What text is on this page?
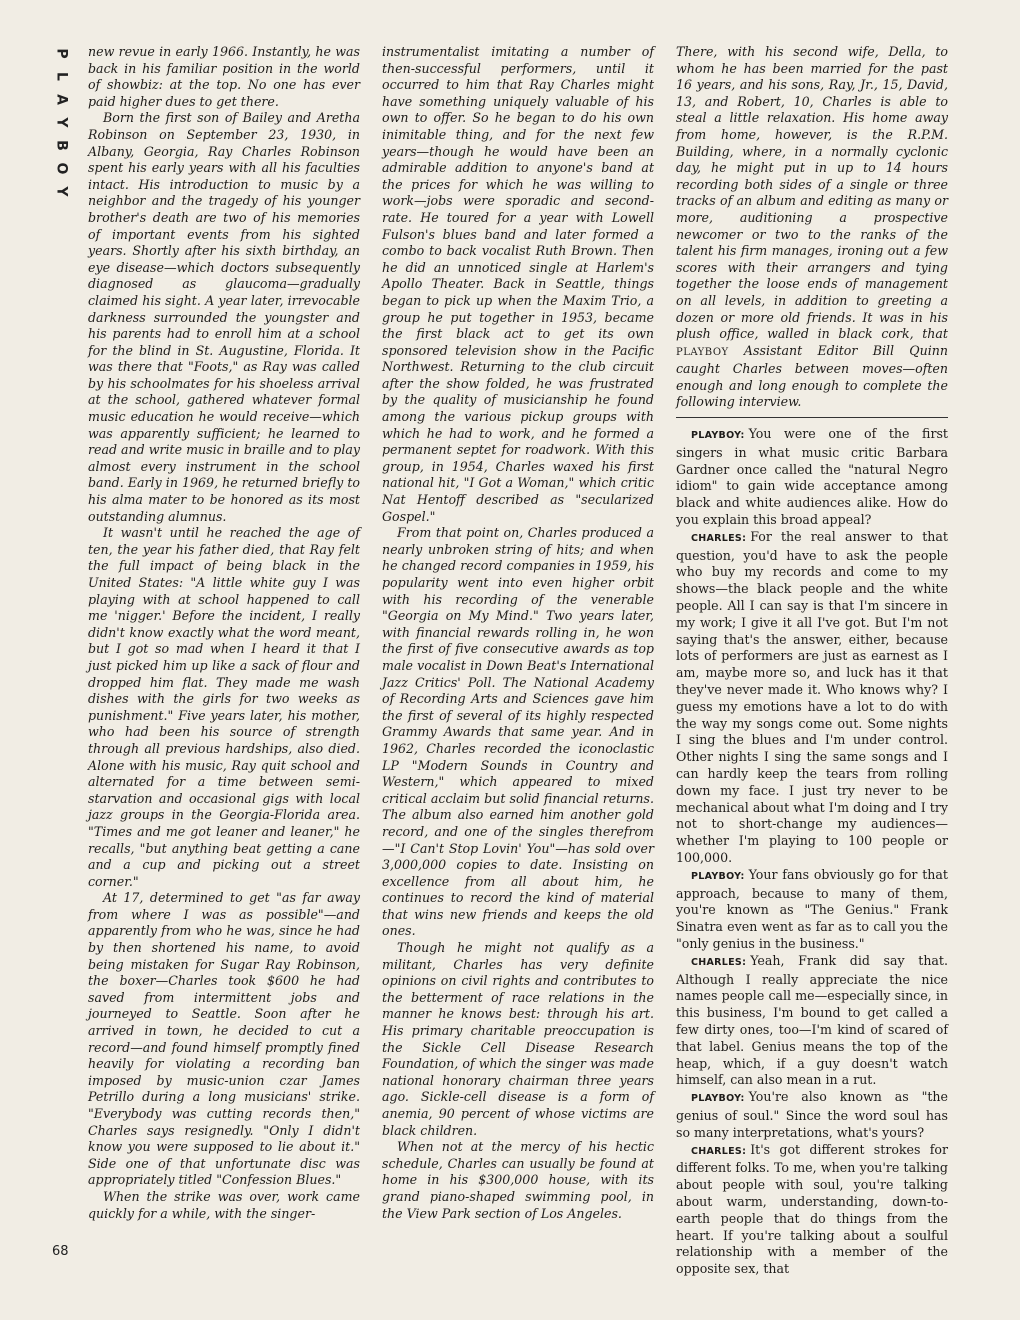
P
L
A
Y
B
O
Y

new revue in early 1966. Instantly, he was back in his familiar position in the world of showbiz: at the top. No one has ever paid higher dues to get there.

Born the first son of Bailey and Aretha Robinson on September 23, 1930, in Albany, Georgia, Ray Charles Robinson spent his early years with all his faculties intact. His introduction to music by a neighbor and the tragedy of his younger brother's death are two of his memories of important events from his sighted years. Shortly after his sixth birthday, an eye disease—which doctors subsequently diagnosed as glaucoma—gradually claimed his sight. A year later, irrevocable darkness surrounded the youngster and his parents had to enroll him at a school for the blind in St. Augustine, Florida. It was there that "Foots," as Ray was called by his schoolmates for his shoeless arrival at the school, gathered whatever formal music education he would receive—which was apparently sufficient; he learned to read and write music in braille and to play almost every instrument in the school band. Early in 1969, he returned briefly to his alma mater to be honored as its most outstanding alumnus.

It wasn't until he reached the age of ten, the year his father died, that Ray felt the full impact of being black in the United States: "A little white guy I was playing with at school happened to call me 'nigger.' Before the incident, I really didn't know exactly what the word meant, but I got so mad when I heard it that I just picked him up like a sack of flour and dropped him flat. They made me wash dishes with the girls for two weeks as punishment." Five years later, his mother, who had been his source of strength through all previous hardships, also died. Alone with his music, Ray quit school and alternated for a time between semi-starvation and occasional gigs with local jazz groups in the Georgia-Florida area. "Times and me got leaner and leaner," he recalls, "but anything beat getting a cane and a cup and picking out a street corner."

At 17, determined to get "as far away from where I was as possible"—and apparently from who he was, since he had by then shortened his name, to avoid being mistaken for Sugar Ray Robinson, the boxer—Charles took $600 he had saved from intermittent jobs and journeyed to Seattle. Soon after he arrived in town, he decided to cut a record—and found himself promptly fined heavily for violating a recording ban imposed by music-union czar James Petrillo during a long musicians' strike. "Everybody was cutting records then," Charles says resignedly. "Only I didn't know you were supposed to lie about it." Side one of that unfortunate disc was appropriately titled "Confession Blues."

When the strike was over, work came quickly for a while, with the singer-

instrumentalist imitating a number of then-successful performers, until it occurred to him that Ray Charles might have something uniquely valuable of his own to offer. So he began to do his own inimitable thing, and for the next few years—though he would have been an admirable addition to anyone's band at the prices for which he was willing to work—jobs were sporadic and second-rate. He toured for a year with Lowell Fulson's blues band and later formed a combo to back vocalist Ruth Brown. Then he did an unnoticed single at Harlem's Apollo Theater. Back in Seattle, things began to pick up when the Maxim Trio, a group he put together in 1953, became the first black act to get its own sponsored television show in the Pacific Northwest. Returning to the club circuit after the show folded, he was frustrated by the quality of musicianship he found among the various pickup groups with which he had to work, and he formed a permanent septet for roadwork. With this group, in 1954, Charles waxed his first national hit, "I Got a Woman," which critic Nat Hentoff described as "secularized Gospel."

From that point on, Charles produced a nearly unbroken string of hits; and when he changed record companies in 1959, his popularity went into even higher orbit with his recording of the venerable "Georgia on My Mind." Two years later, with financial rewards rolling in, he won the first of five consecutive awards as top male vocalist in Down Beat's International Jazz Critics' Poll. The National Academy of Recording Arts and Sciences gave him the first of several of its highly respected Grammy Awards that same year. And in 1962, Charles recorded the iconoclastic LP "Modern Sounds in Country and Western," which appeared to mixed critical acclaim but solid financial returns. The album also earned him another gold record, and one of the singles therefrom—"I Can't Stop Lovin' You"—has sold over 3,000,000 copies to date. Insisting on excellence from all about him, he continues to record the kind of material that wins new friends and keeps the old ones.

Though he might not qualify as a militant, Charles has very definite opinions on civil rights and contributes to the betterment of race relations in the manner he knows best: through his art. His primary charitable preoccupation is the Sickle Cell Disease Research Foundation, of which the singer was made national honorary chairman three years ago. Sickle-cell disease is a form of anemia, 90 percent of whose victims are black children.

When not at the mercy of his hectic schedule, Charles can usually be found at home in his $300,000 house, with its grand piano-shaped swimming pool, in the View Park section of Los Angeles.

There, with his second wife, Della, to whom he has been married for the past 16 years, and his sons, Ray, Jr., 15, David, 13, and Robert, 10, Charles is able to steal a little relaxation. His home away from home, however, is the R.P.M. Building, where, in a normally cyclonic day, he might put in up to 14 hours recording both sides of a single or three tracks of an album and editing as many or more, auditioning a prospective newcomer or two to the ranks of the talent his firm manages, ironing out a few scores with their arrangers and tying together the loose ends of management on all levels, in addition to greeting a dozen or more old friends. It was in his plush office, walled in black cork, that PLAYBOY Assistant Editor Bill Quinn caught Charles between moves—often enough and long enough to complete the following interview.

PLAYBOY: You were one of the first singers in what music critic Barbara Gardner once called the "natural Negro idiom" to gain wide acceptance among black and white audiences alike. How do you explain this broad appeal?

CHARLES: For the real answer to that question, you'd have to ask the people who buy my records and come to my shows—the black people and the white people. All I can say is that I'm sincere in my work; I give it all I've got. But I'm not saying that's the answer, either, because lots of performers are just as earnest as I am, maybe more so, and luck has it that they've never made it. Who knows why? I guess my emotions have a lot to do with the way my songs come out. Some nights I sing the blues and I'm under control. Other nights I sing the same songs and I can hardly keep the tears from rolling down my face. I just try never to be mechanical about what I'm doing and I try not to short-change my audiences—whether I'm playing to 100 people or 100,000.

PLAYBOY: Your fans obviously go for that approach, because to many of them, you're known as "The Genius." Frank Sinatra even went as far as to call you the "only genius in the business."

CHARLES: Yeah, Frank did say that. Although I really appreciate the nice names people call me—especially since, in this business, I'm bound to get called a few dirty ones, too—I'm kind of scared of that label. Genius means the top of the heap, which, if a guy doesn't watch himself, can also mean in a rut.

PLAYBOY: You're also known as "the genius of soul." Since the word soul has so many interpretations, what's yours?

CHARLES: It's got different strokes for different folks. To me, when you're talking about people with soul, you're talking about warm, understanding, down-to-earth people that do things from the heart. If you're talking about a soulful relationship with a member of the opposite sex, that

68
